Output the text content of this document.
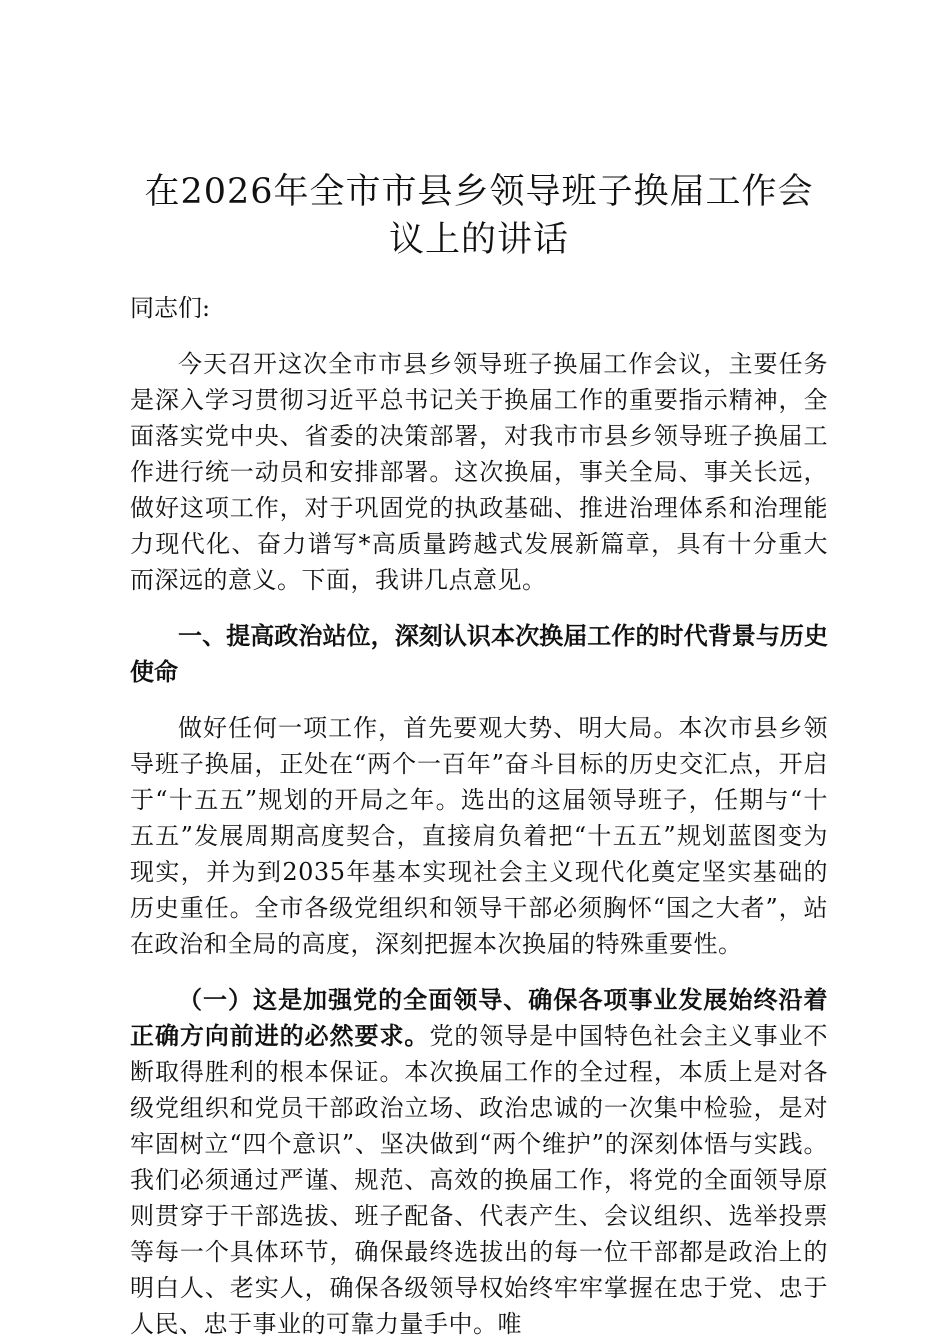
在2026年全市市县乡领导班子换届工作会议上的讲话

同志们:

今天召开这次全市市县乡领导班子换届工作会议，主要任务是深入学习贯彻习近平总书记关于换届工作的重要指示精神，全面落实党中央、省委的决策部署，对我市市县乡领导班子换届工作进行统一动员和安排部署。这次换届，事关全局、事关长远，做好这项工作，对于巩固党的执政基础、推进治理体系和治理能力现代化、奋力谱写*高质量跨越式发展新篇章，具有十分重大而深远的意义。下面，我讲几点意见。

一、提高政治站位，深刻认识本次换届工作的时代背景与历史使命

做好任何一项工作，首先要观大势、明大局。本次市县乡领导班子换届，正处在“两个一百年”奋斗目标的历史交汇点，开启于“十五五”规划的开局之年。选出的这届领导班子，任期与“十五五”发展周期高度契合，直接肩负着把“十五五”规划蓝图变为现实，并为到2035年基本实现社会主义现代化奠定坚实基础的历史重任。全市各级党组织和领导干部必须胸怀“国之大者”，站在政治和全局的高度，深刻把握本次换届的特殊重要性。

（一）这是加强党的全面领导、确保各项事业发展始终沿着正确方向前进的必然要求。党的领导是中国特色社会主义事业不断取得胜利的根本保证。本次换届工作的全过程，本质上是对各级党组织和党员干部政治立场、政治忠诚的一次集中检验，是对牢固树立“四个意识”、坚决做到“两个维护”的深刻体悟与实践。我们必须通过严谨、规范、高效的换届工作，将党的全面领导原则贯穿于干部选拔、班子配备、代表产生、会议组织、选举投票等每一个具体环节，确保最终选拔出的每一位干部都是政治上的明白人、老实人，确保各级领导权始终牢牢掌握在忠于党、忠于人民、忠于事业的可靠力量手中。唯
